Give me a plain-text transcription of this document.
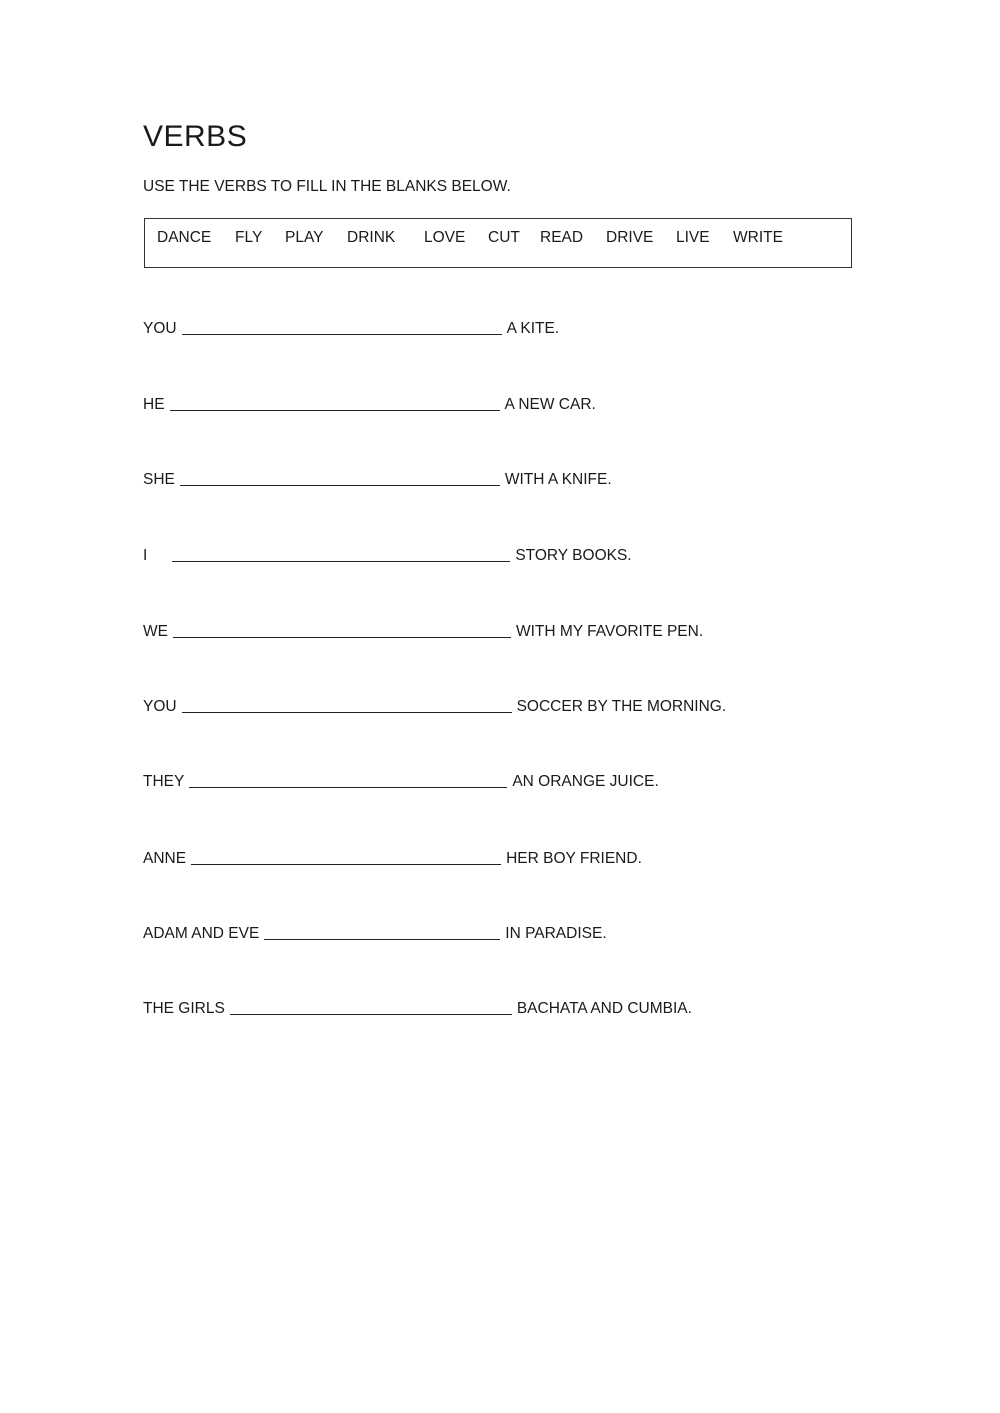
VERBS
USE THE VERBS TO FILL IN THE BLANKS BELOW.
DANCE FLY PLAY DRINK LOVE CUT READ DRIVE LIVE WRITE
YOU	A KITE.
HE	A NEW CAR.
SHE	WITH A KNIFE.
I	STORY BOOKS.
WE	WITH MY FAVORITE PEN.
YOU	SOCCER BY THE MORNING.
THEY	AN ORANGE JUICE.
ANNE	HER BOY FRIEND.
ADAM AND EVE	IN PARADISE.
THE GIRLS	BACHATA AND CUMBIA.
